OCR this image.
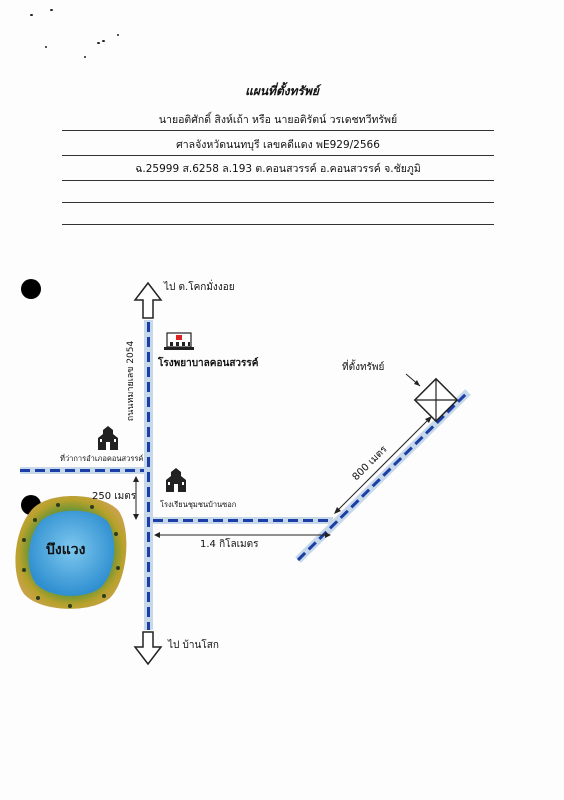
แผนที่ตั้งทรัพย์
นายอติศักดิ์ สิงห์เถ้า หรือ นายอติรัตน์ วรเดชทวีทรัพย์
ศาลจังหวัดนนทบุรี เลขคดีแดง พE929/2566
ฉ.25999 ส.6258 ล.193 ต.คอนสวรรค์ อ.คอนสวรรค์ จ.ชัยภูมิ
ไป ต.โคกมั่งงอย
ไป บ้านโสก
ถนนหมายเลข 2054 โรงพยาบาลคอนสวรรค์
ที่ว่าการอำเภอคอนสวรรค์
โรงเรียนชุมชนบ้านซอก
ที่ตั้งทรัพย์
บึงแวง
250 เมตร
1.4 กิโลเมตร
800 เมตร
